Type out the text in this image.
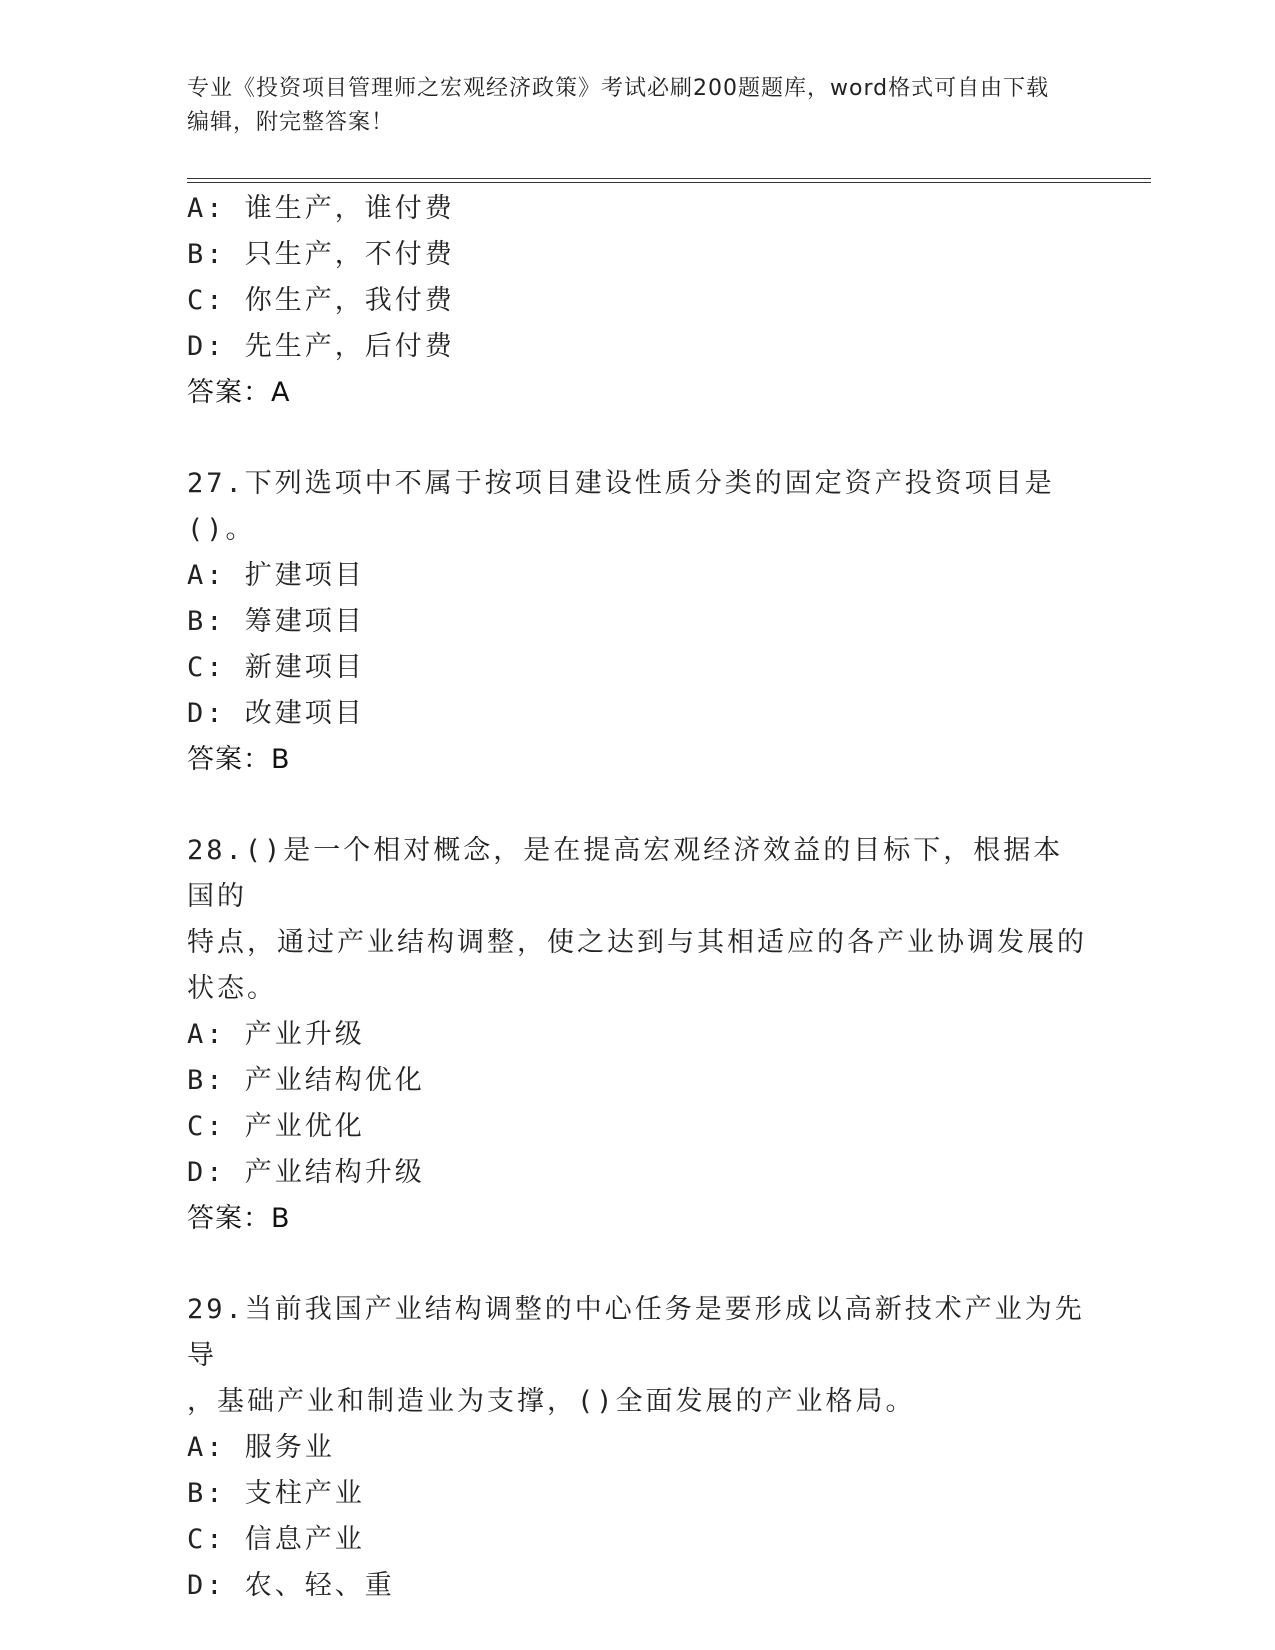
专业《投资项目管理师之宏观经济政策》考试必刷200题题库，word格式可自由下载编辑，附完整答案！
A: 谁生产，谁付费
B: 只生产，不付费
C: 你生产，我付费
D: 先生产，后付费
答案：A
27.下列选项中不属于按项目建设性质分类的固定资产投资项目是()。
A: 扩建项目
B: 筹建项目
C: 新建项目
D: 改建项目
答案：B
28.()是一个相对概念，是在提高宏观经济效益的目标下，根据本国的
特点，通过产业结构调整，使之达到与其相适应的各产业协调发展的
状态。
A: 产业升级
B: 产业结构优化
C: 产业优化
D: 产业结构升级
答案：B
29.当前我国产业结构调整的中心任务是要形成以高新技术产业为先导
，基础产业和制造业为支撑，()全面发展的产业格局。
A: 服务业
B: 支柱产业
C: 信息产业
D: 农、轻、重
